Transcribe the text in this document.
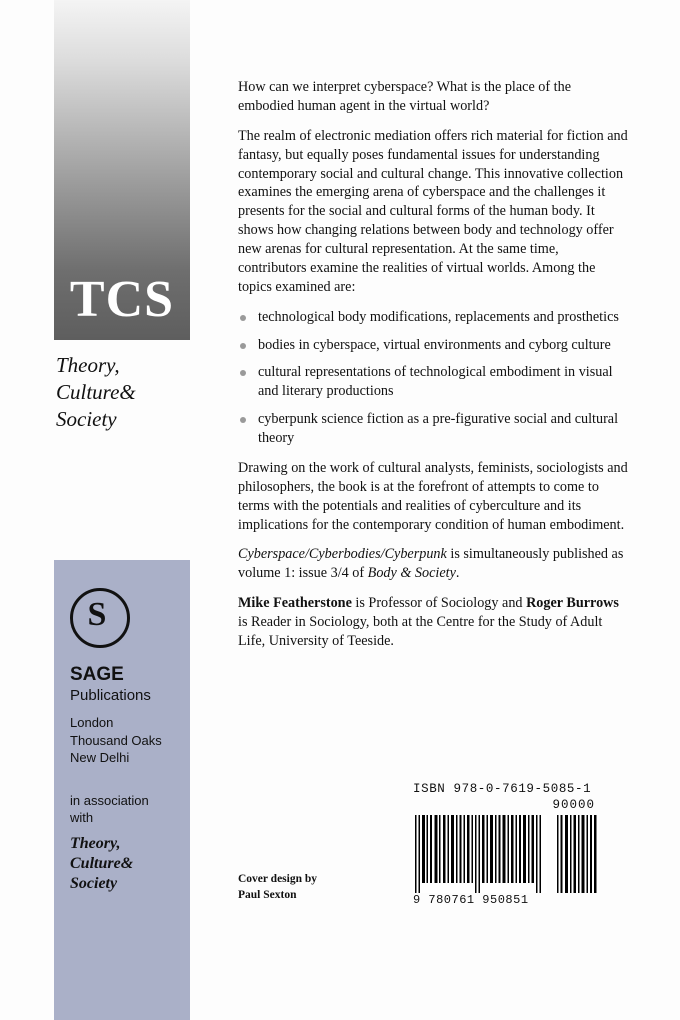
TCS
Theory,
Culture&
Society
S
SAGE
Publications
London
Thousand Oaks
New Delhi
in association
with
Theory,
Culture&
Society

How can we interpret cyberspace? What is the place of the embodied human agent in the virtual world?

The realm of electronic mediation offers rich material for fiction and fantasy, but equally poses fundamental issues for understanding contemporary social and cultural change. This innovative collection examines the emerging arena of cyberspace and the challenges it presents for the social and cultural forms of the human body. It shows how changing relations between body and technology offer new arenas for cultural representation. At the same time, contributors examine the realities of virtual worlds. Among the topics examined are:

technological body modifications, replacements and prosthetics
bodies in cyberspace, virtual environments and cyborg culture
cultural representations of technological embodiment in visual and literary productions
cyberpunk science fiction as a pre-figurative social and cultural theory

Drawing on the work of cultural analysts, feminists, sociologists and philosophers, the book is at the forefront of attempts to come to terms with the potentials and realities of cyberculture and its implications for the contemporary condition of human embodiment.

Cyberspace/Cyberbodies/Cyberpunk is simultaneously published as volume 1: issue 3/4 of Body & Society.

Mike Featherstone is Professor of Sociology and Roger Burrows is Reader in Sociology, both at the Centre for the Study of Adult Life, University of Teeside.

Cover design by
Paul Sexton
ISBN 978-0-7619-5085-1
90000
9 780761 950851
